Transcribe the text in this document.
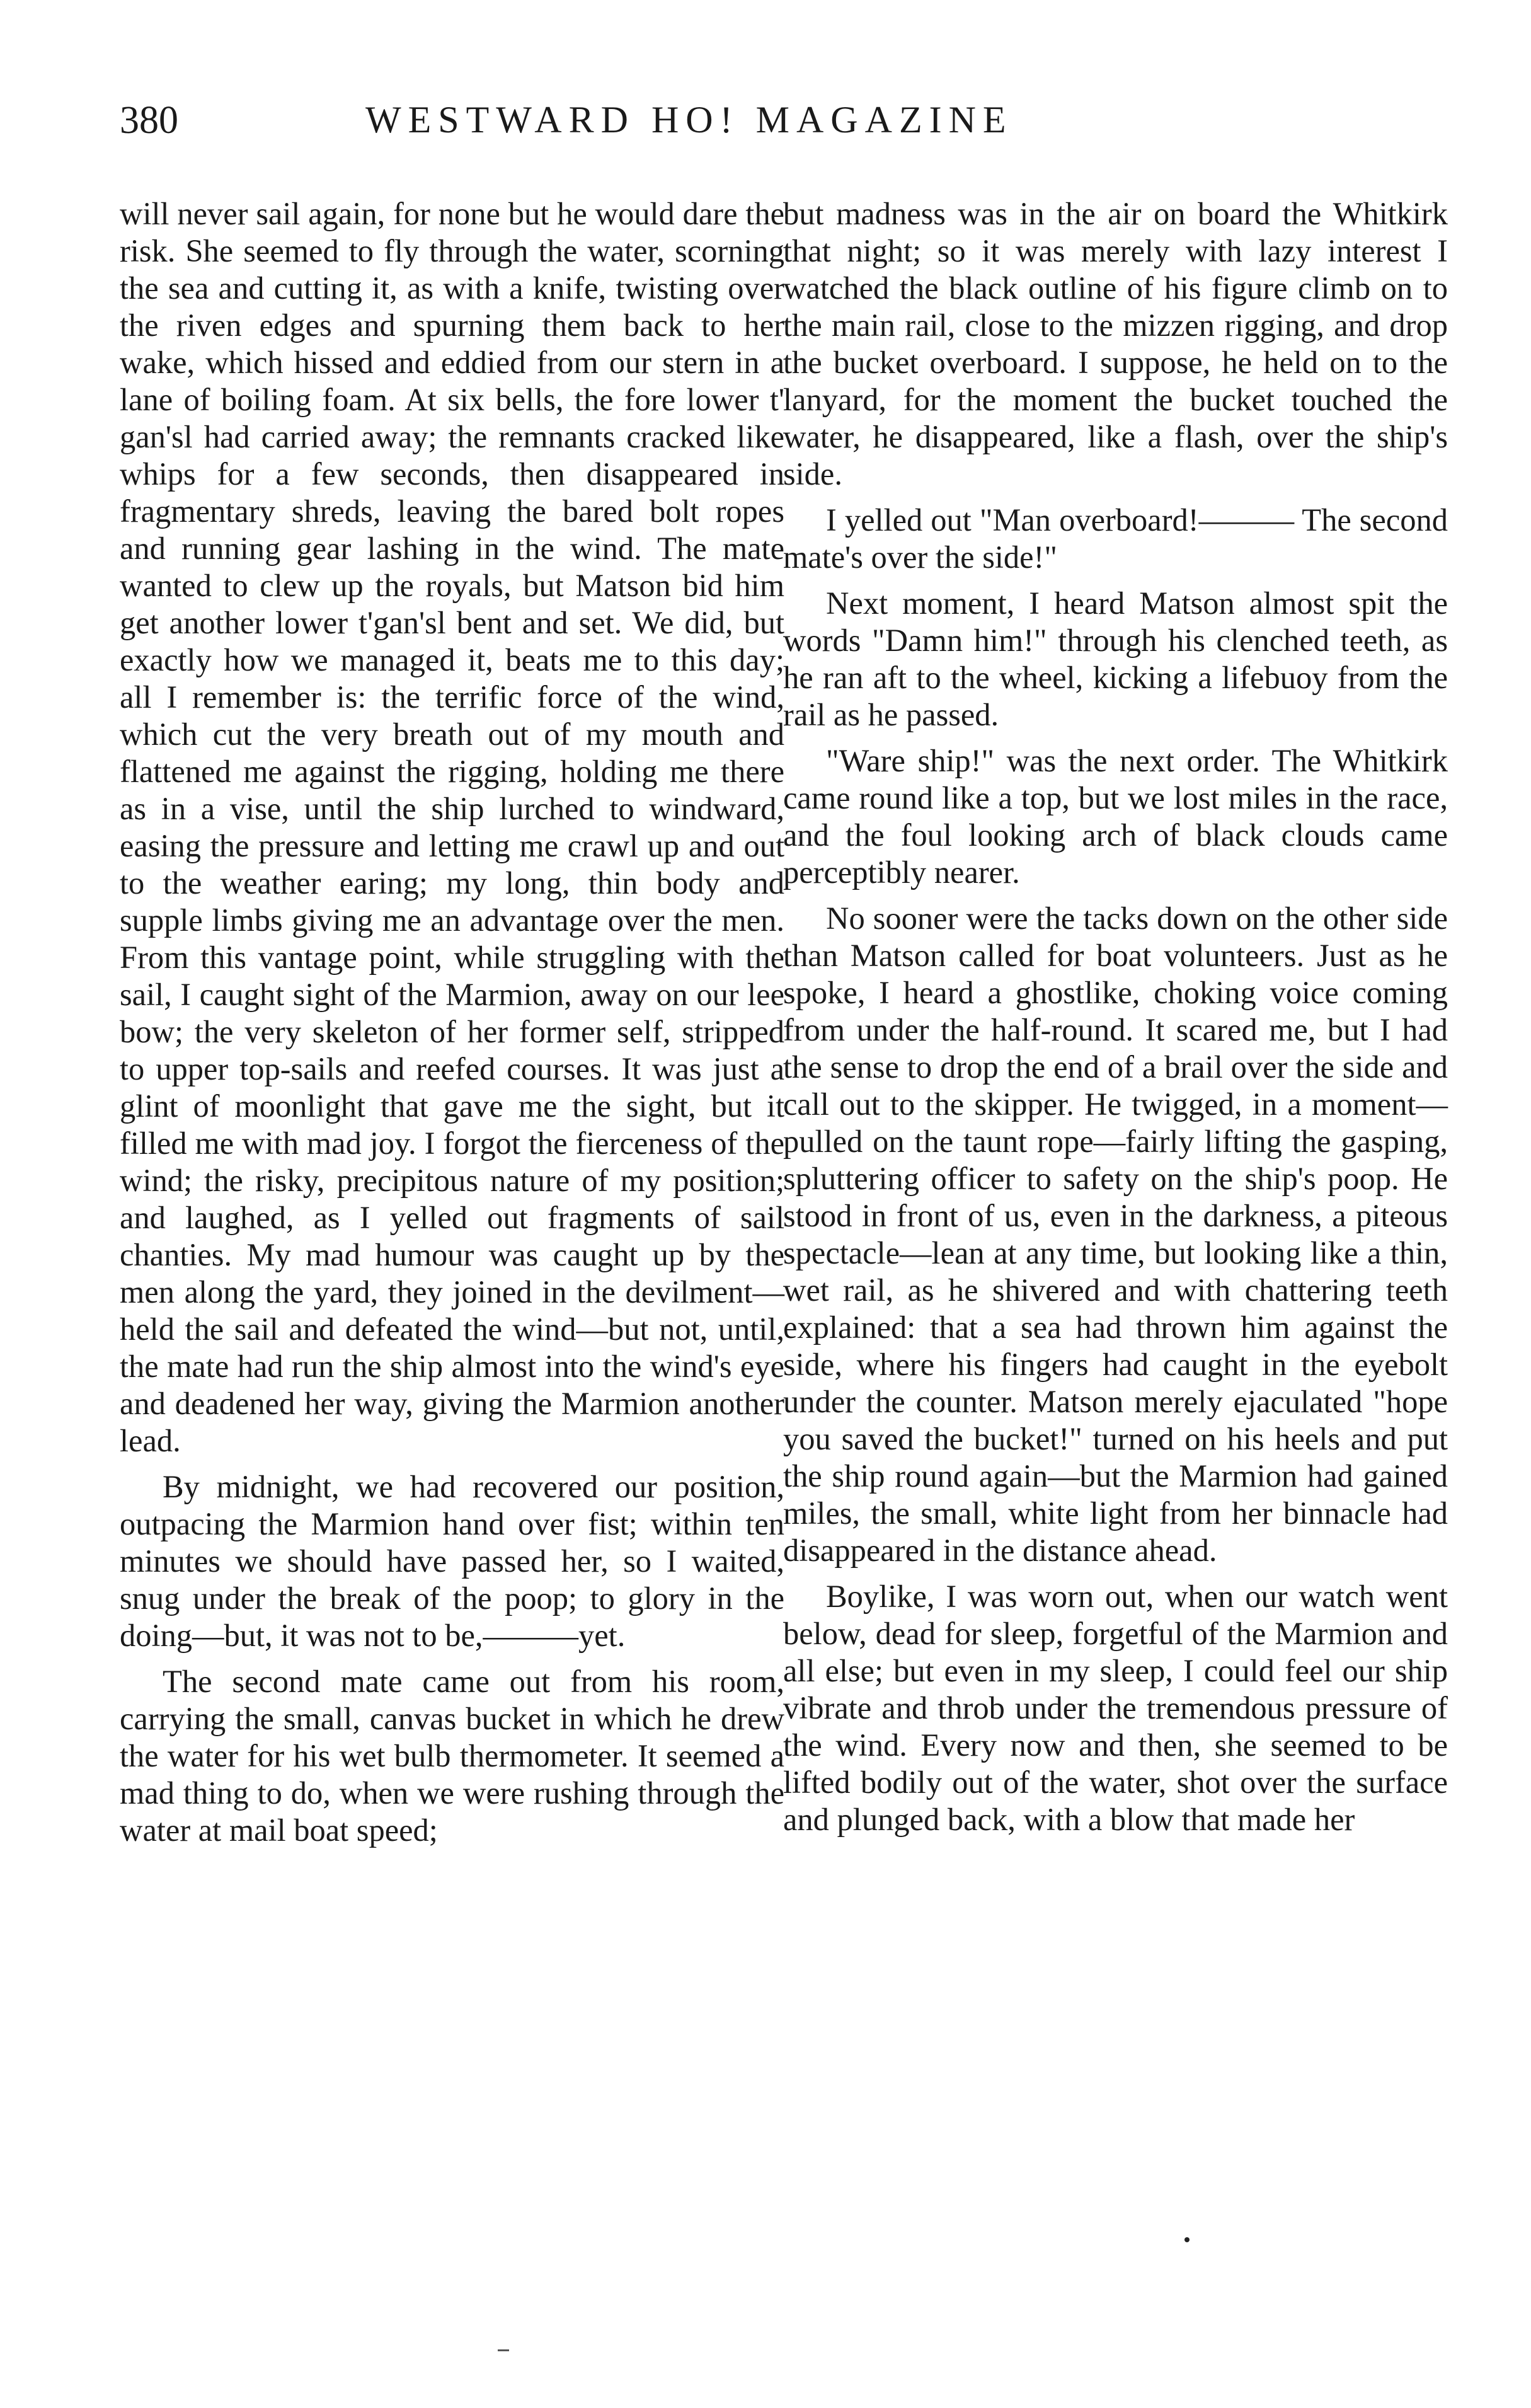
380	WESTWARD HO! MAGAZINE

will never sail again, for none but he would dare the risk. She seemed to fly through the water, scorning the sea and cutting it, as with a knife, twisting over the riven edges and spurning them back to her wake, which hissed and eddied from our stern in a lane of boiling foam. At six bells, the fore lower t' gan'sl had carried away; the remnants cracked like whips for a few seconds, then disappeared in fragmentary shreds, leaving the bared bolt ropes and running gear lashing in the wind. The mate wanted to clew up the royals, but Matson bid him get another lower t'gan'sl bent and set. We did, but exactly how we managed it, beats me to this day; all I remember is: the terrific force of the wind, which cut the very breath out of my mouth and flattened me against the rigging, holding me there as in a vise, until the ship lurched to windward, easing the pressure and letting me crawl up and out to the weather earing; my long, thin body and supple limbs giving me an advantage over the men. From this vantage point, while struggling with the sail, I caught sight of the Marmion, away on our lee bow; the very skeleton of her former self, stripped to upper top-sails and reefed courses. It was just a glint of moonlight that gave me the sight, but it filled me with mad joy. I forgot the fierceness of the wind; the risky, precipitous nature of my position; and laughed, as I yelled out fragments of sail chanties. My mad humour was caught up by the men along the yard, they joined in the devilment—held the sail and defeated the wind—but not, until, the mate had run the ship almost into the wind's eye and deadened her way, giving the Marmion another lead.

By midnight, we had recovered our position, outpacing the Marmion hand over fist; within ten minutes we should have passed her, so I waited, snug under the break of the poop; to glory in the doing—but, it was not to be,———yet.

The second mate came out from his room, carrying the small, canvas bucket in which he drew the water for his wet bulb thermometer. It seemed a mad thing to do, when we were rushing through the water at mail boat speed;

but madness was in the air on board the Whitkirk that night; so it was merely with lazy interest I watched the black outline of his figure climb on to the main rail, close to the mizzen rigging, and drop the bucket overboard. I suppose, he held on to the lanyard, for the moment the bucket touched the water, he disappeared, like a flash, over the ship's side.

I yelled out "Man overboard!——— The second mate's over the side!"

Next moment, I heard Matson almost spit the words "Damn him!" through his clenched teeth, as he ran aft to the wheel, kicking a lifebuoy from the rail as he passed.

"Ware ship!" was the next order. The Whitkirk came round like a top, but we lost miles in the race, and the foul looking arch of black clouds came perceptibly nearer.

No sooner were the tacks down on the other side than Matson called for boat volunteers. Just as he spoke, I heard a ghostlike, choking voice coming from under the half-round. It scared me, but I had the sense to drop the end of a brail over the side and call out to the skipper. He twigged, in a moment—pulled on the taunt rope—fairly lifting the gasping, spluttering officer to safety on the ship's poop. He stood in front of us, even in the darkness, a piteous spectacle—lean at any time, but looking like a thin, wet rail, as he shivered and with chattering teeth explained: that a sea had thrown him against the side, where his fingers had caught in the eyebolt under the counter. Matson merely ejaculated "hope you saved the bucket!" turned on his heels and put the ship round again—but the Marmion had gained miles, the small, white light from her binnacle had disappeared in the distance ahead.

Boylike, I was worn out, when our watch went below, dead for sleep, forgetful of the Marmion and all else; but even in my sleep, I could feel our ship vibrate and throb under the tremendous pressure of the wind. Every now and then, she seemed to be lifted bodily out of the water, shot over the surface and plunged back, with a blow that made her
